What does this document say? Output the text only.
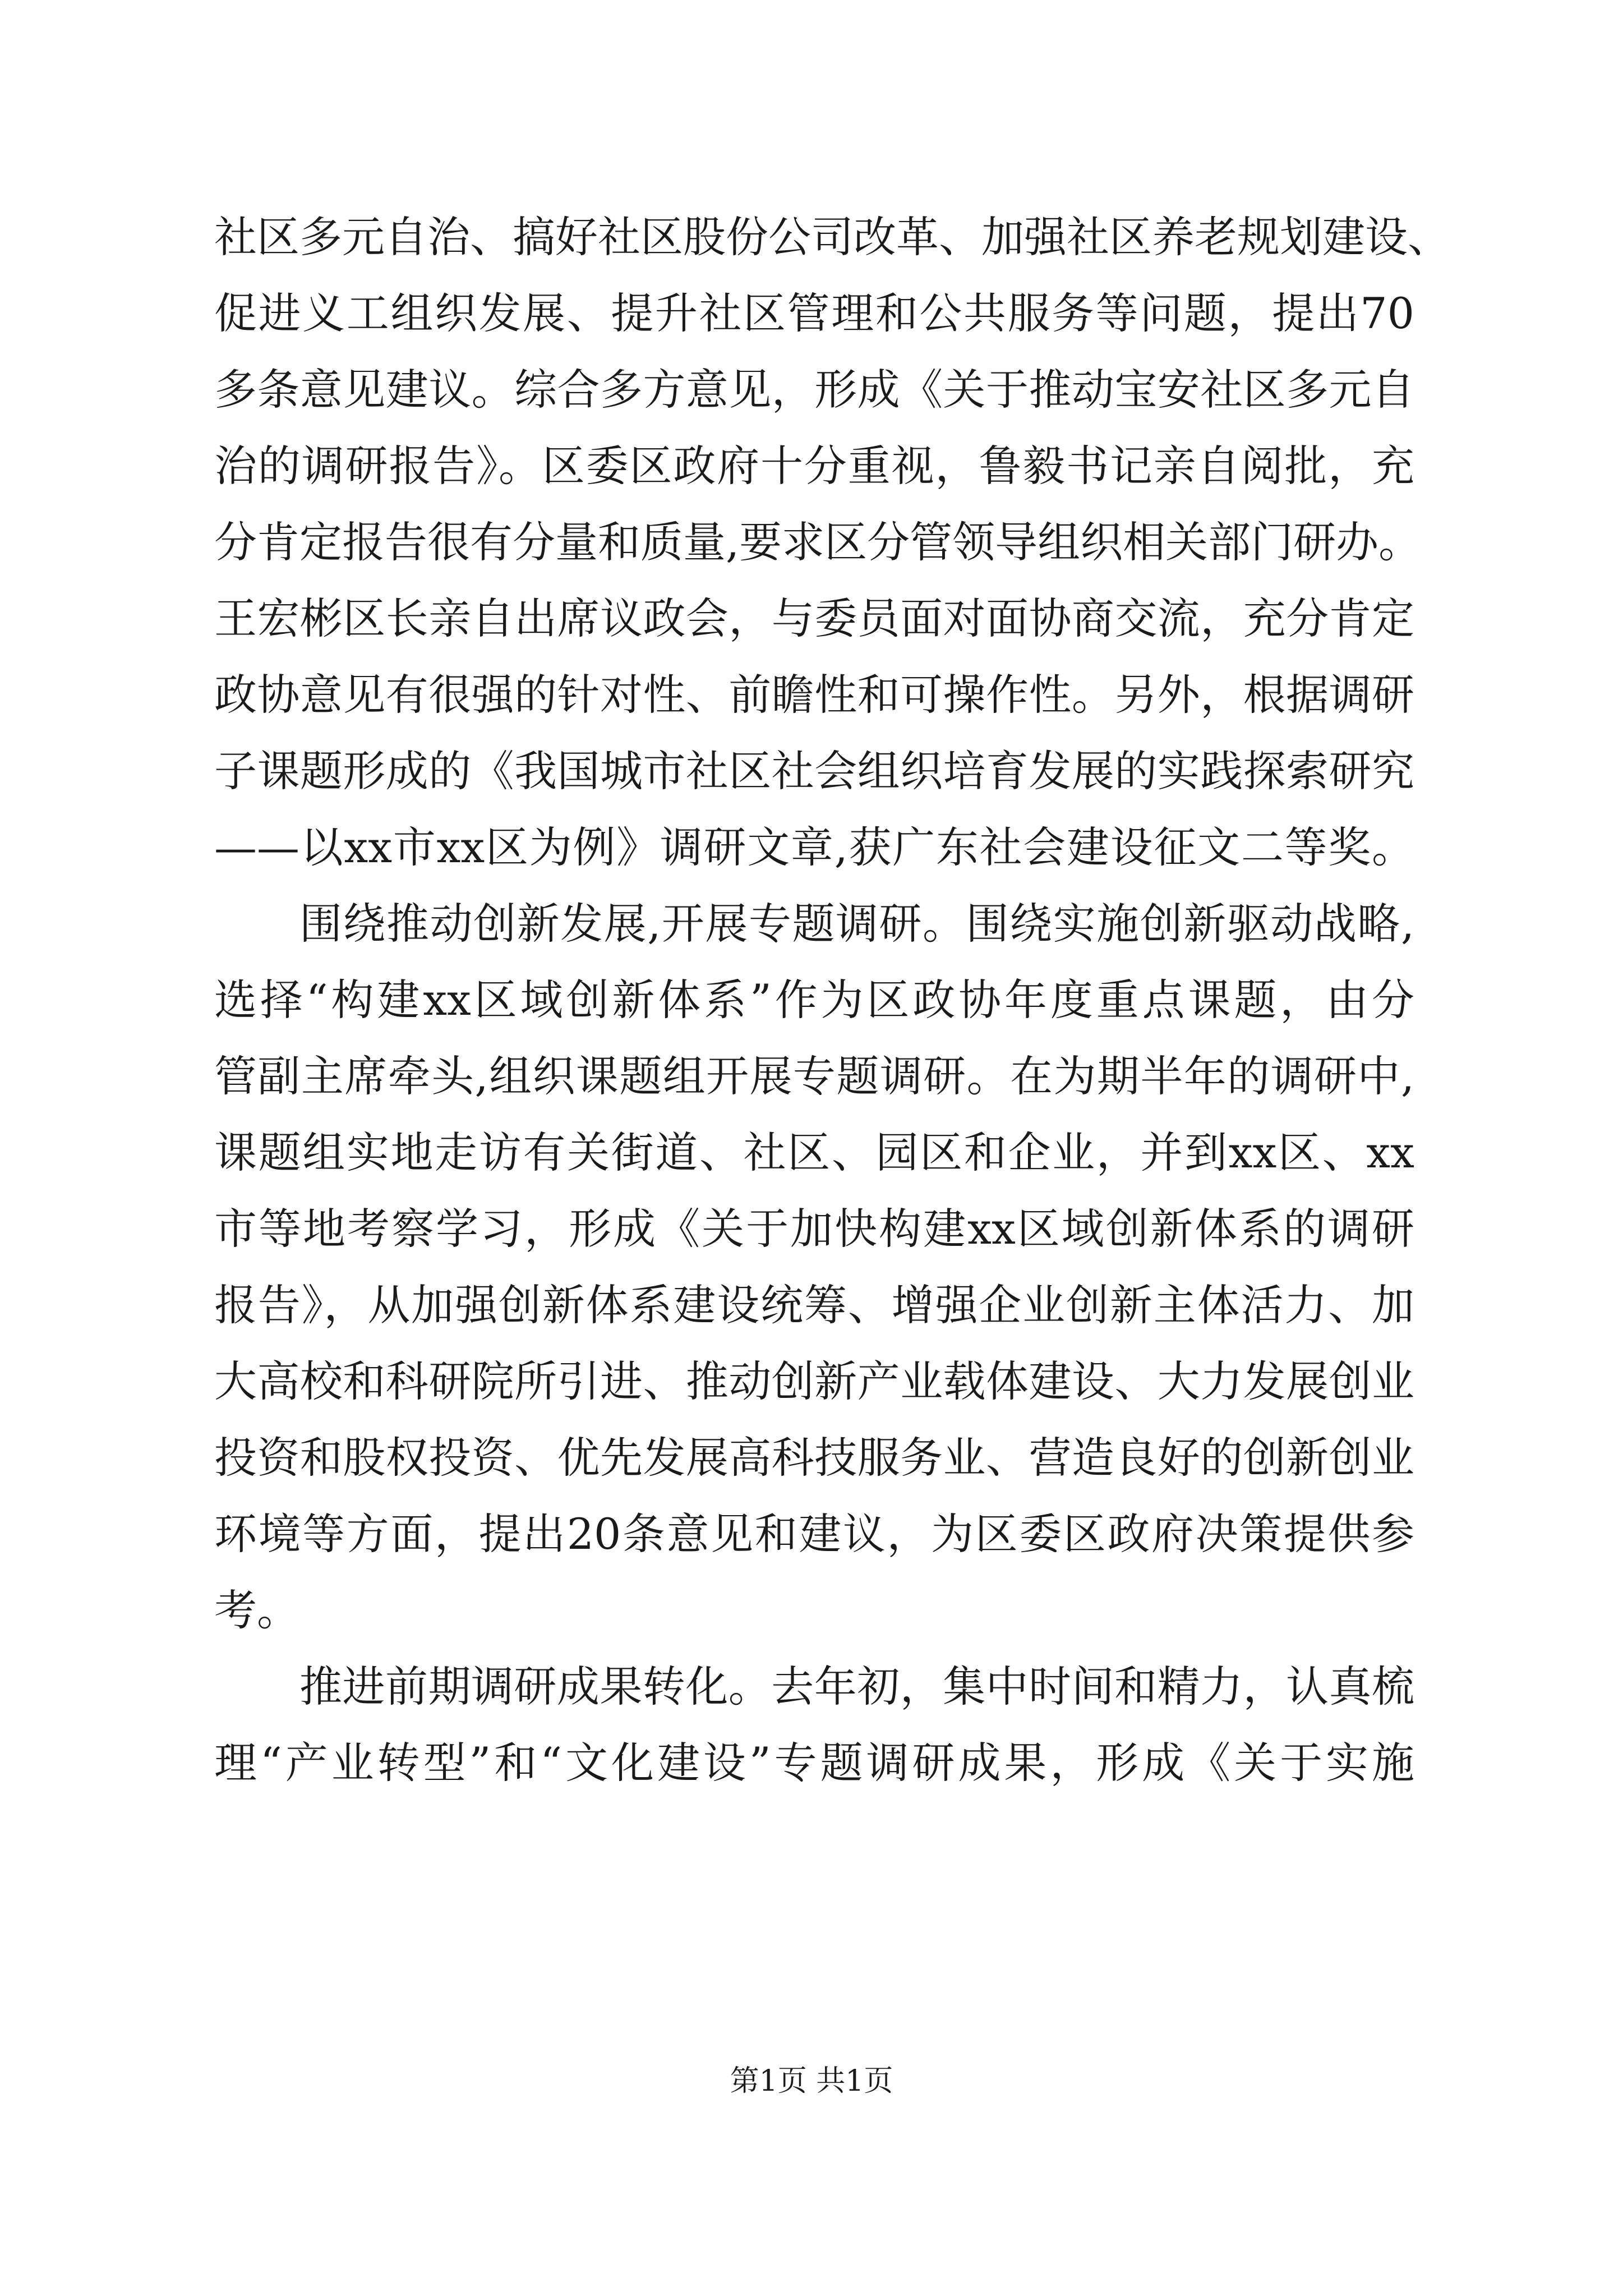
社区多元自治、搞好社区股份公司改革、加强社区养老规划建设、
促进义工组织发展、提升社区管理和公共服务等问题，提出70
多条意见建议。综合多方意见，形成《关于推动宝安社区多元自
治的调研报告》。区委区政府十分重视，鲁毅书记亲自阅批，充
分肯定报告很有分量和质量,要求区分管领导组织相关部门研办。
王宏彬区长亲自出席议政会，与委员面对面协商交流，充分肯定
政协意见有很强的针对性、前瞻性和可操作性。另外，根据调研
子课题形成的《我国城市社区社会组织培育发展的实践探索研究
——以xx市xx区为例》调研文章,获广东社会建设征文二等奖。
围绕推动创新发展,开展专题调研。围绕实施创新驱动战略,
选择“构建xx区域创新体系”作为区政协年度重点课题，由分
管副主席牵头,组织课题组开展专题调研。在为期半年的调研中,
课题组实地走访有关街道、社区、园区和企业，并到xx区、xx
市等地考察学习，形成《关于加快构建xx区域创新体系的调研
报告》，从加强创新体系建设统筹、增强企业创新主体活力、加
大高校和科研院所引进、推动创新产业载体建设、大力发展创业
投资和股权投资、优先发展高科技服务业、营造良好的创新创业
环境等方面，提出20条意见和建议，为区委区政府决策提供参
考。
推进前期调研成果转化。去年初，集中时间和精力，认真梳
理“产业转型”和“文化建设”专题调研成果，形成《关于实施
第1页 共1页
